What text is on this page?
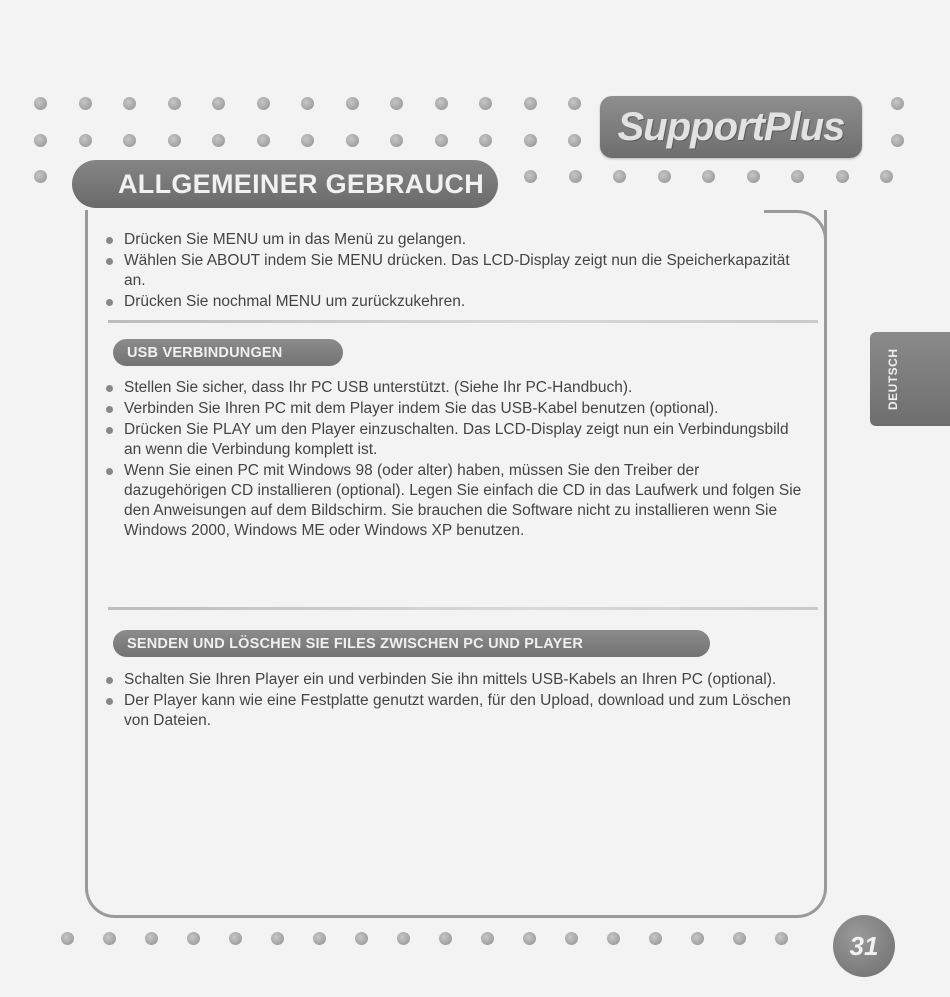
SupportPlus
ALLGEMEINER GEBRAUCH
Drücken Sie MENU um in das Menü zu gelangen.
Wählen Sie ABOUT indem Sie MENU drücken. Das LCD-Display zeigt nun die Speicherkapazität an.
Drücken Sie nochmal MENU um zurückzukehren.
USB VERBINDUNGEN
Stellen Sie sicher, dass Ihr PC USB unterstützt. (Siehe Ihr PC-Handbuch).
Verbinden Sie Ihren PC mit dem Player indem Sie das USB-Kabel benutzen (optional).
Drücken Sie PLAY um den Player einzuschalten. Das LCD-Display zeigt nun ein Verbindungsbild an wenn die Verbindung komplett ist.
Wenn Sie einen PC mit Windows 98 (oder alter) haben, müssen Sie den Treiber der dazugehörigen CD installieren (optional). Legen Sie einfach die CD in das Laufwerk und folgen Sie den Anweisungen auf dem Bildschirm. Sie brauchen die Software nicht zu installieren wenn Sie Windows 2000, Windows ME oder Windows XP benutzen.
SENDEN UND LÖSCHEN SIE FILES ZWISCHEN PC UND PLAYER
Schalten Sie Ihren Player ein und verbinden Sie ihn mittels USB-Kabels an Ihren PC (optional).
Der Player kann wie eine Festplatte genutzt warden, für den Upload, download und zum Löschen von Dateien.
DEUTSCH
31
